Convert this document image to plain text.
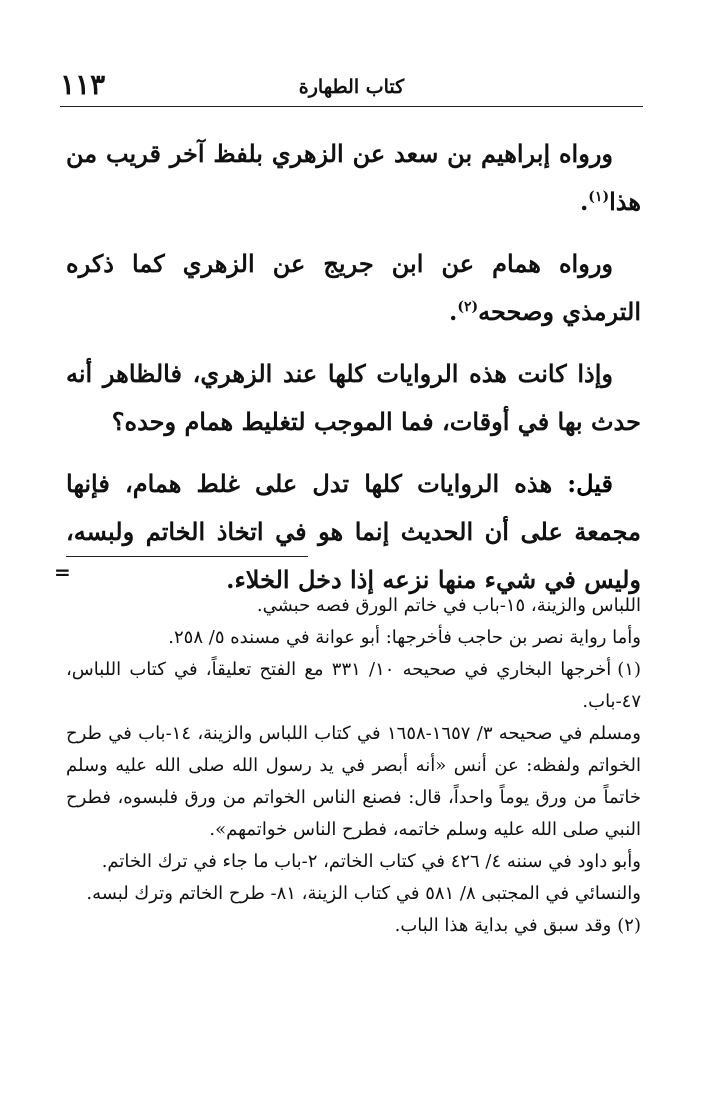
كتاب الطهارة
١١٣

ورواه إبراهيم بن سعد عن الزهري بلفظ آخر قريب من هذا$^{(١)}$.

ورواه همام عن ابن جريج عن الزهري كما ذكره الترمذي وصححه$^{(٢)}$.

وإذا كانت هذه الروايات كلها عند الزهري، فالظاهر أنه حدث بها في أوقات، فما الموجب لتغليط همام وحده؟

قيل: هذه الروايات كلها تدل على غلط همام، فإنها مجمعة على أن الحديث إنما هو في اتخاذ الخاتم ولبسه، وليس في شيء منها نزعه إذا دخل الخلاء.

=

اللباس والزينة، ١٥-باب في خاتم الورق فصه حبشي.

وأما رواية نصر بن حاجب فأخرجها: أبو عوانة في مسنده ٥/ ٢٥٨.

(١)أخرجها البخاري في صحيحه ١٠/ ٣٣١ مع الفتح تعليقاً، في كتاب اللباس، ٤٧-باب.

ومسلم في صحيحه ٣/ ١٦٥٧-١٦٥٨ في كتاب اللباس والزينة، ١٤-باب في طرح الخواتم ولفظه: عن أنس «أنه أبصر في يد رسول الله صلى الله عليه وسلم خاتماً من ورق يوماً واحداً، قال: فصنع الناس الخواتم من ورق فلبسوه، فطرح النبي صلى الله عليه وسلم خاتمه، فطرح الناس خواتمهم».

وأبو داود في سننه ٤/ ٤٢٦ في كتاب الخاتم، ٢-باب ما جاء في ترك الخاتم.

والنسائي في المجتبى ٨/ ٥٨١ في كتاب الزينة، ٨١- طرح الخاتم وترك لبسه.

(٢)وقد سبق في بداية هذا الباب.
